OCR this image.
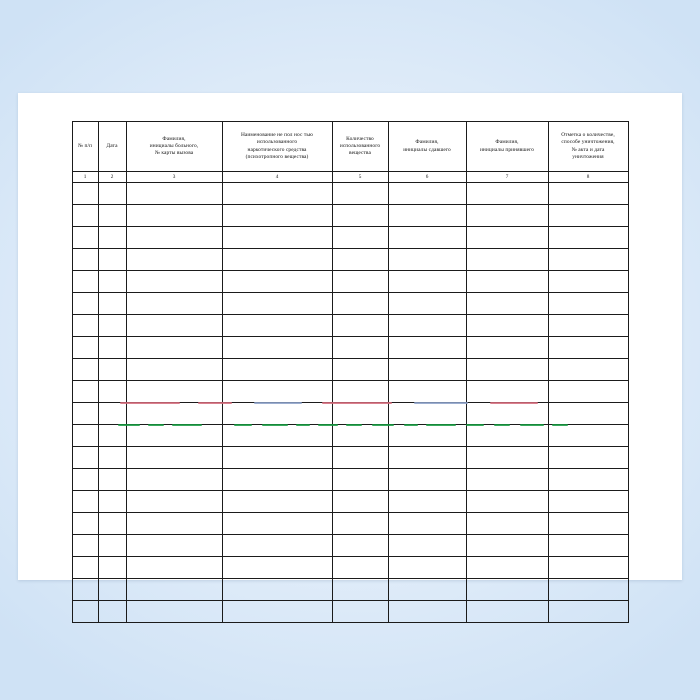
№ п/п	Дата	Фамилия,
инициалы больного,
№ карты вызова	Наименование не пол нос тью
использованного
наркотического средства
(психотропного вещества)	Количество
использованного
вещества	Фамилия,
инициалы сдавшего	Фамилия,
инициалы принявшего	Отметка о количестве,
способе уничтожения,
№ акта и дата
уничтожения

1	2	3	4	5	6	7	8
